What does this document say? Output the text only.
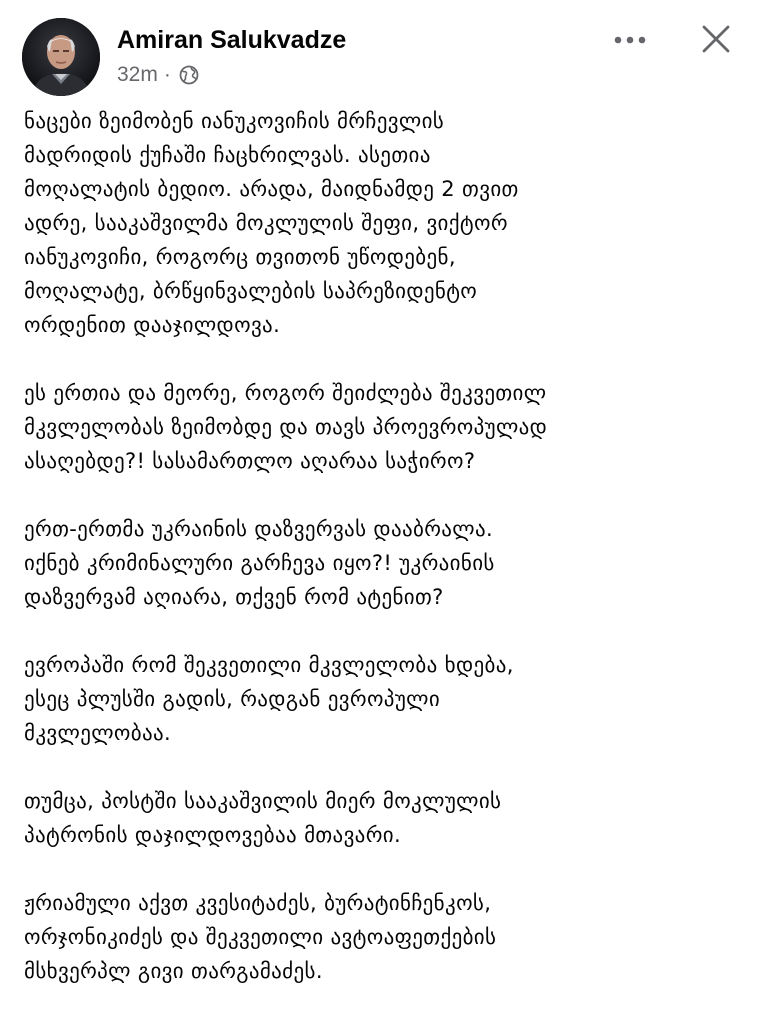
Amiran Salukvadze
32m ·

ნაცები ზეიმობენ იანუკოვიჩის მრჩევლის
მადრიდის ქუჩაში ჩაცხრილვას. ასეთია
მოღალატის ბედიო. არადა, მაიდნამდე 2 თვით
ადრე, სააკაშვილმა მოკლულის შეფი, ვიქტორ
იანუკოვიჩი, როგორც თვითონ უწოდებენ,
მოღალატე, ბრწყინვალების საპრეზიდენტო
ორდენით დააჯილდოვა.

ეს ერთია და მეორე, როგორ შეიძლება შეკვეთილ
მკვლელობას ზეიმობდე და თავს პროევროპულად
ასაღებდე?! სასამართლო აღარაა საჭირო?

ერთ-ერთმა უკრაინის დაზვერვას დააბრალა.
იქნებ კრიმინალური გარჩევა იყო?! უკრაინის
დაზვერვამ აღიარა, თქვენ რომ ატენით?

ევროპაში რომ შეკვეთილი მკვლელობა ხდება,
ესეც პლუსში გადის, რადგან ევროპული
მკვლელობაა.

თუმცა, პოსტში სააკაშვილის მიერ მოკლულის
პატრონის დაჯილდოვებაა მთავარი.

ჟრიამული აქვთ კვესიტაძეს, ბურატინჩენკოს,
ორჯონიკიძეს და შეკვეთილი ავტოაფეთქების
მსხვერპლ გივი თარგამაძეს.
